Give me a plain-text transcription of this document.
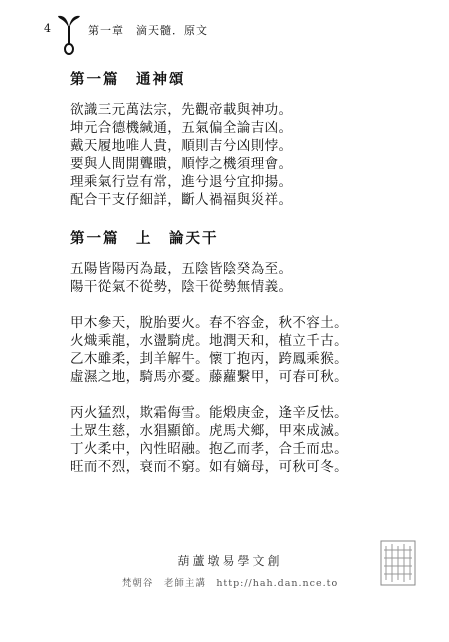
4	第一章　滴天髓．原文
第一篇　通神頌
欲識三元萬法宗，先觀帝載與神功。
坤元合德機緘通，五氣偏全論吉凶。
戴天履地唯人貴，順則吉兮凶則悖。
要與人間開聾瞶，順悖之機須理會。
理乘氣行豈有常，進兮退兮宜抑揚。
配合干支仔細詳，斷人禍福與災祥。
第一篇　上　論天干
五陽皆陽丙為最，五陰皆陰癸為至。
陽干從氣不從勢，陰干從勢無情義。
甲木參天，脫胎要火。春不容金，秋不容土。
火熾乘龍，水盪騎虎。地潤天和，植立千古。
乙木雖柔，刲羊解牛。懷丁抱丙，跨鳳乘猴。
虛濕之地，騎馬亦憂。藤蘿繫甲，可春可秋。
丙火猛烈，欺霜侮雪。能煅庚金，逢辛反怯。
土眾生慈，水猖顯節。虎馬犬鄉，甲來成滅。
丁火柔中，內性昭融。抱乙而孝，合壬而忠。
旺而不烈，衰而不窮。如有嫡母，可秋可冬。
葫蘆墩易學文創
梵朝谷　老師主講　http://hah.dan.nce.to
